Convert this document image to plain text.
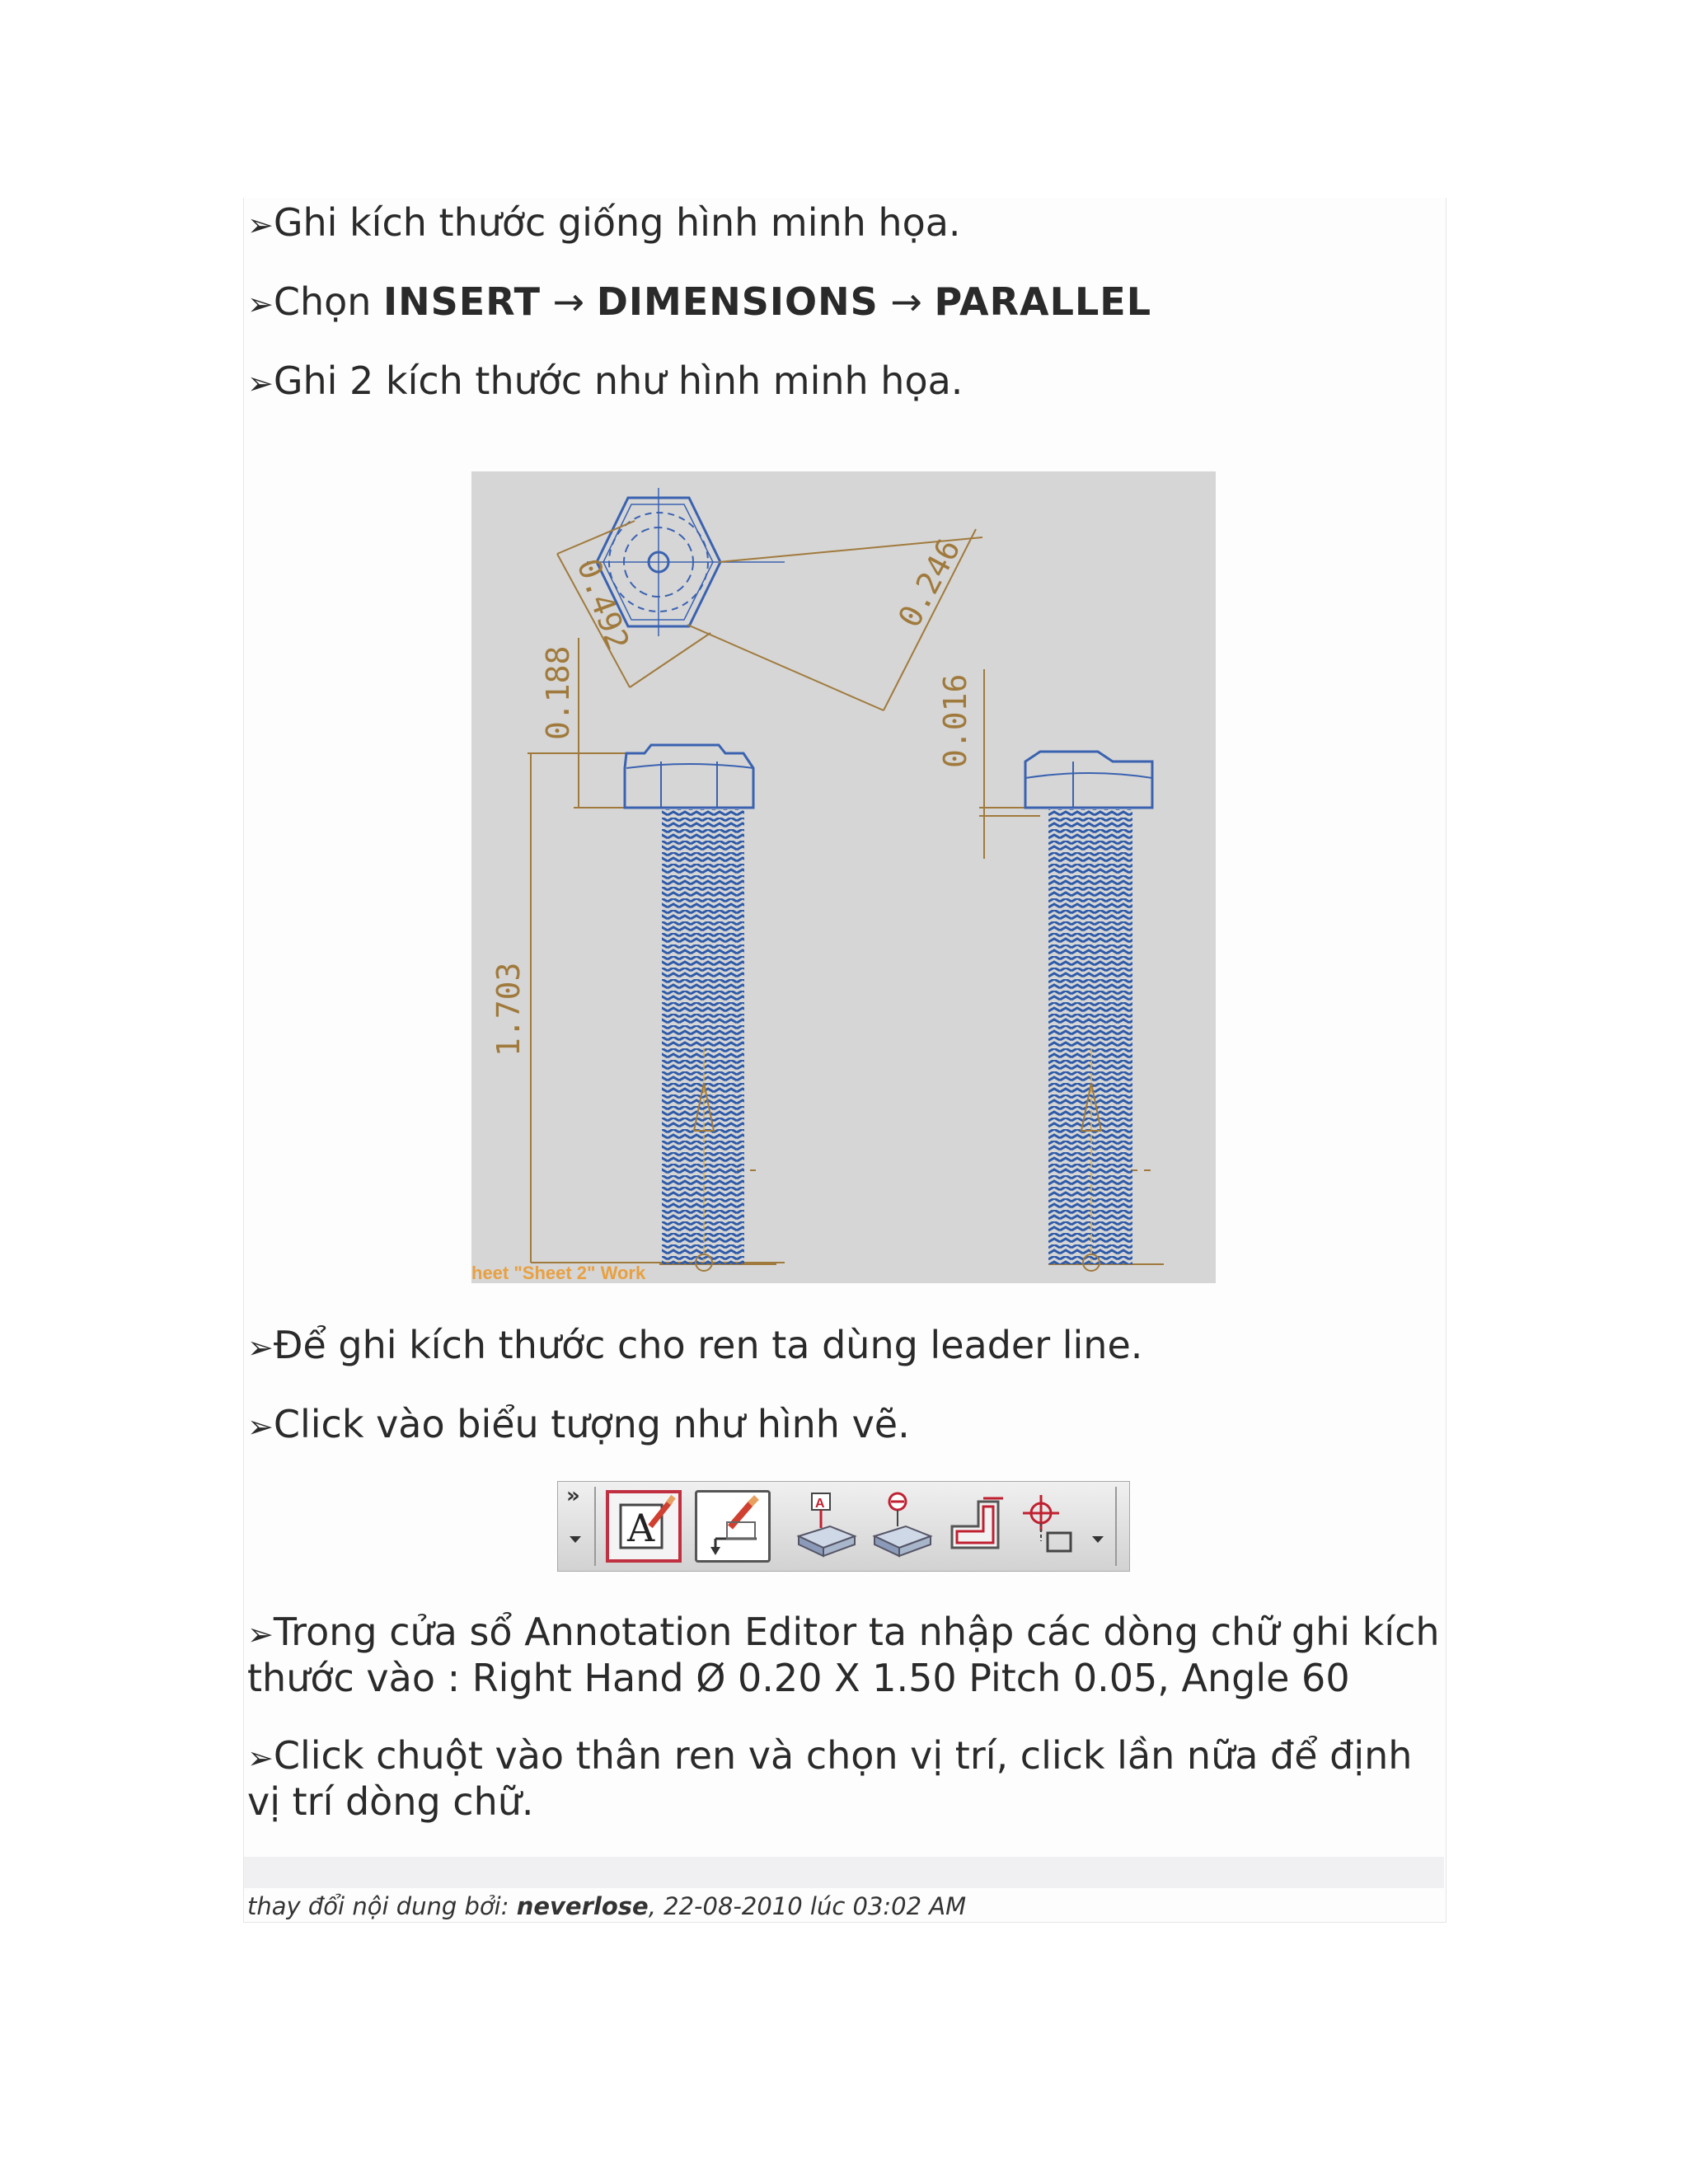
➢Ghi kích thước giống hình minh họa.
➢Chọn INSERT → DIMENSIONS → PARALLEL
➢Ghi 2 kích thước như hình minh họa.
0.492	0.246
0.188	0.016
1.703
heet "Sheet 2" Work
➢Để ghi kích thước cho ren ta dùng leader line.
➢Click vào biểu tượng như hình vẽ.
»
A
A
➢Trong cửa sổ Annotation Editor ta nhập các dòng chữ ghi kích
thước vào : Right Hand Ø 0.20 X 1.50 Pitch 0.05, Angle 60
➢Click chuột vào thân ren và chọn vị trí, click lần nữa để định
vị trí dòng chữ.
thay đổi nội dung bởi: neverlose, 22-08-2010 lúc 03:02 AM
